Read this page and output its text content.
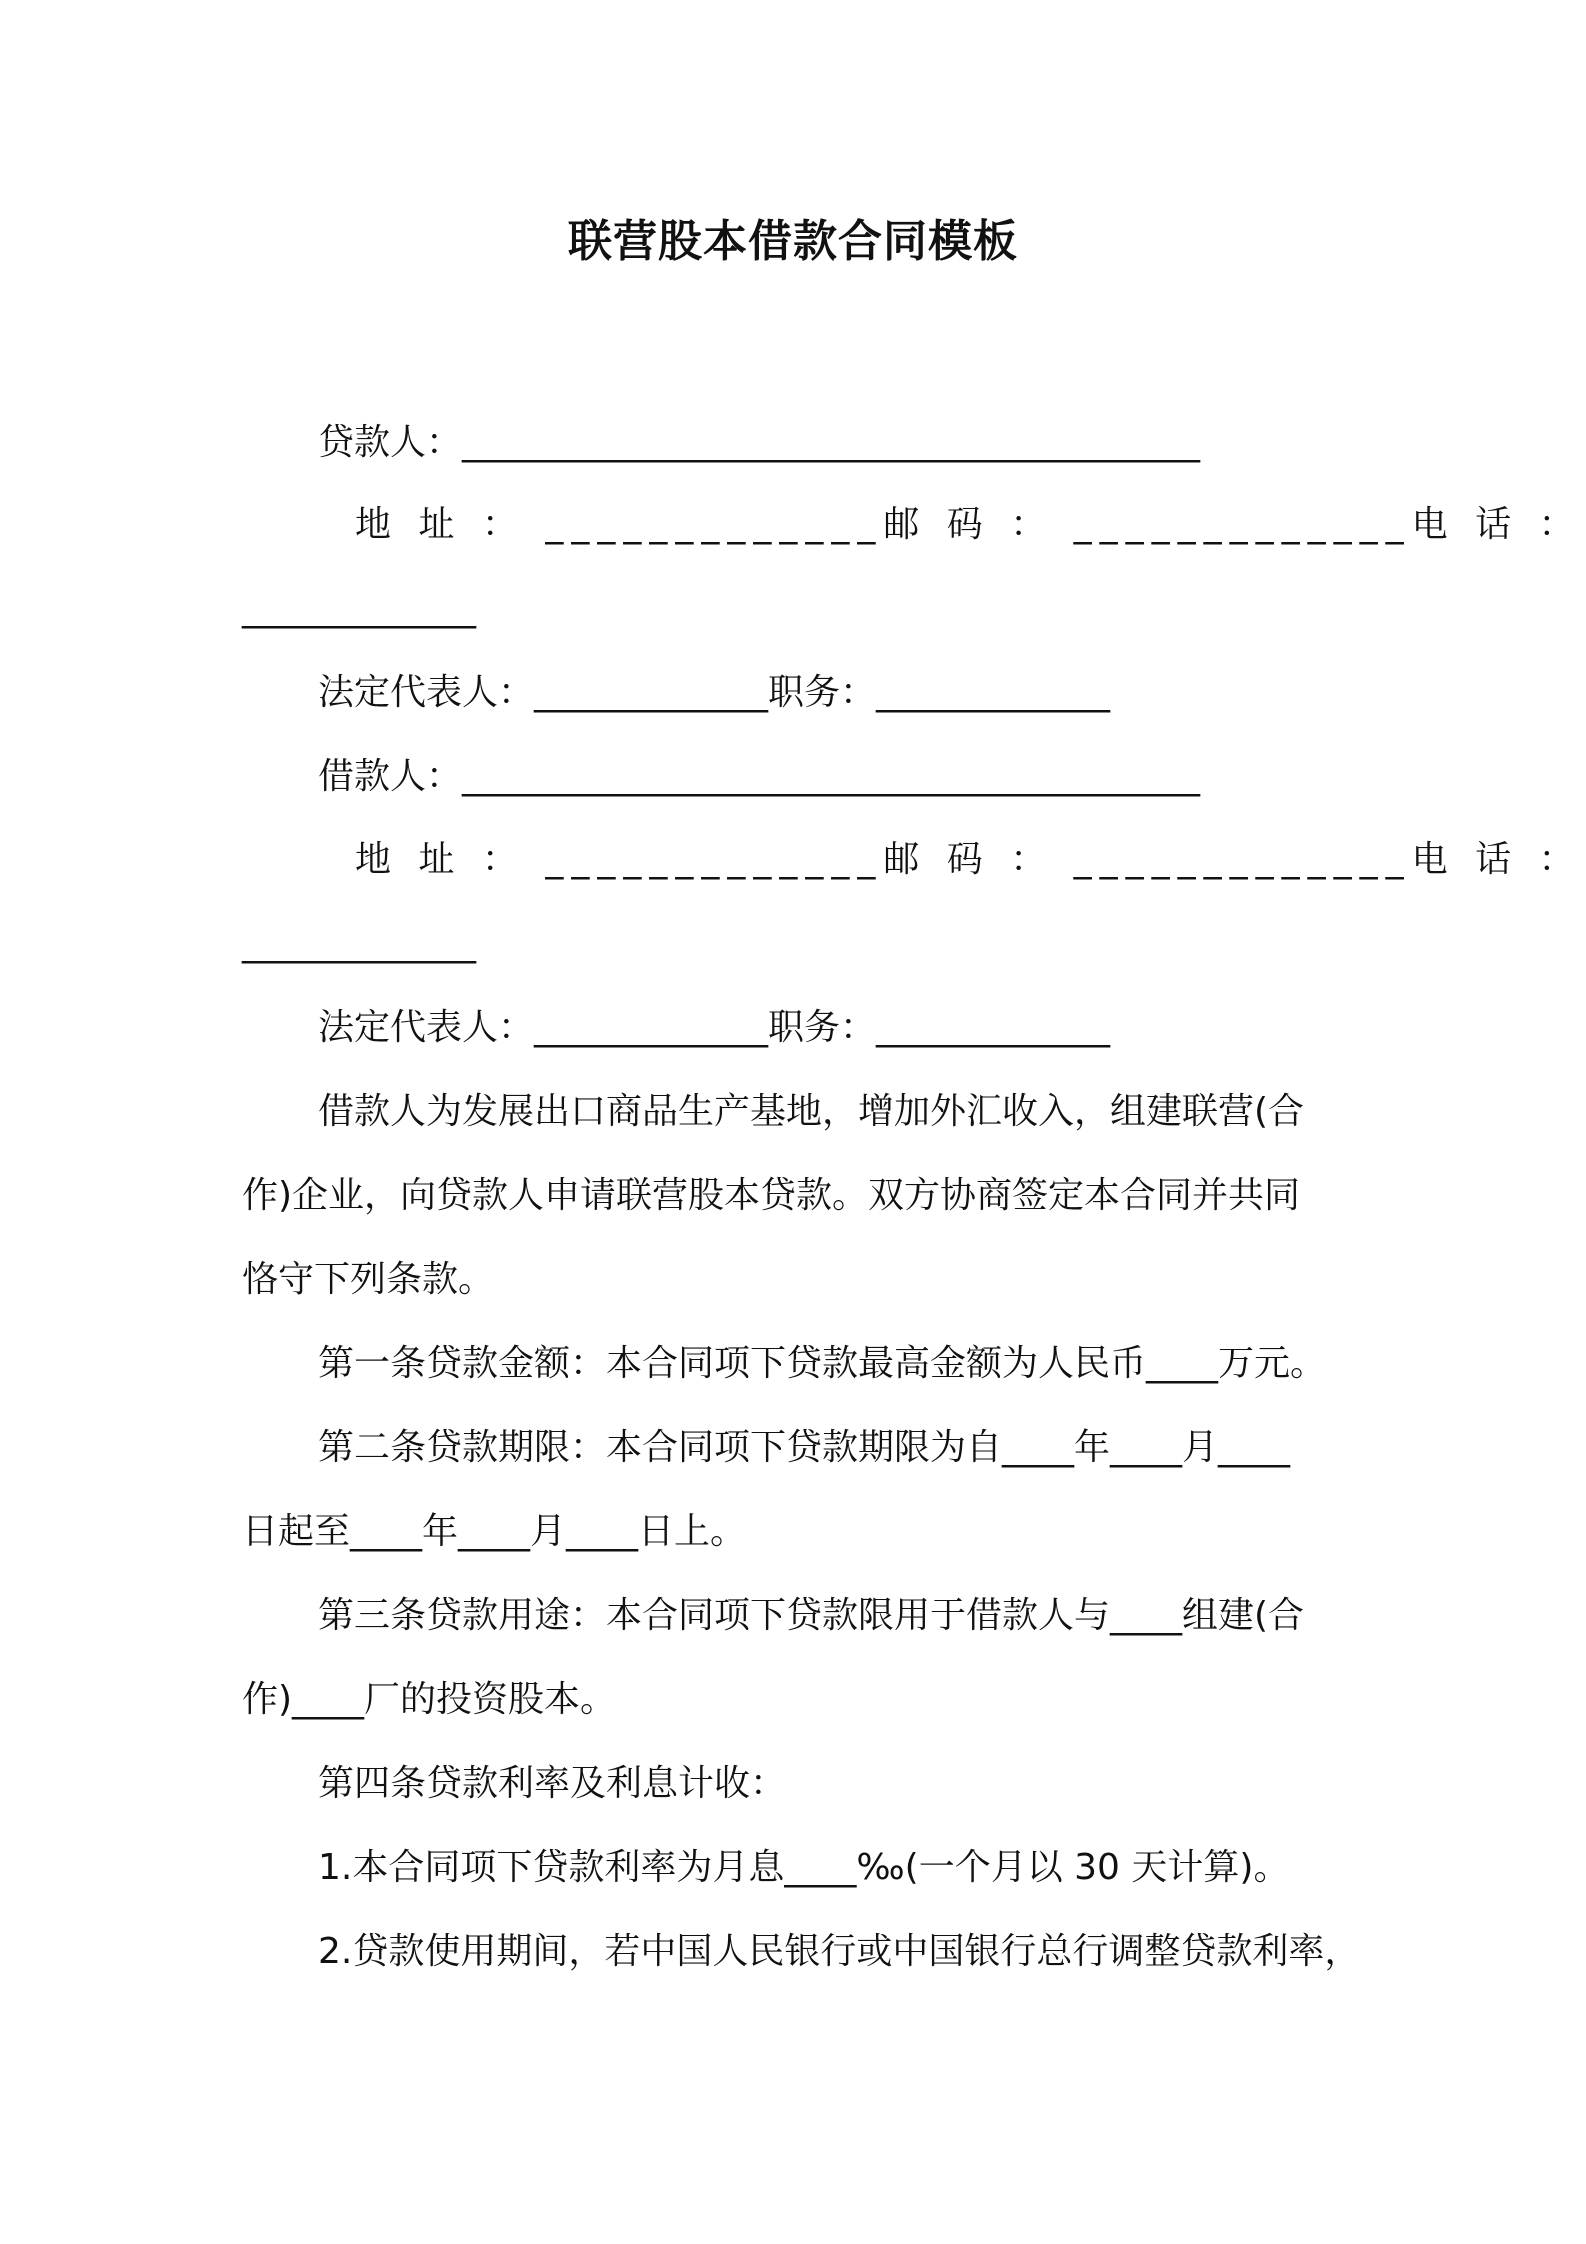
联营股本借款合同模板
贷款人：_________________________________________
地 址 ： _____________邮 码 ： _____________电 话 ：
_____________
法定代表人：_____________职务：_____________
借款人：_________________________________________
地 址 ： _____________邮 码 ： _____________电 话 ：
_____________
法定代表人：_____________职务：_____________
借款人为发展出口商品生产基地，增加外汇收入，组建联营(合
作)企业，向贷款人申请联营股本贷款。双方协商签定本合同并共同
恪守下列条款。
第一条贷款金额：本合同项下贷款最高金额为人民币____万元。
第二条贷款期限：本合同项下贷款期限为自____年____月____
日起至____年____月____日上。
第三条贷款用途：本合同项下贷款限用于借款人与____组建(合
作)____厂的投资股本。
第四条贷款利率及利息计收：
1.本合同项下贷款利率为月息____‰(一个月以 30 天计算)。
2.贷款使用期间，若中国人民银行或中国银行总行调整贷款利率，
